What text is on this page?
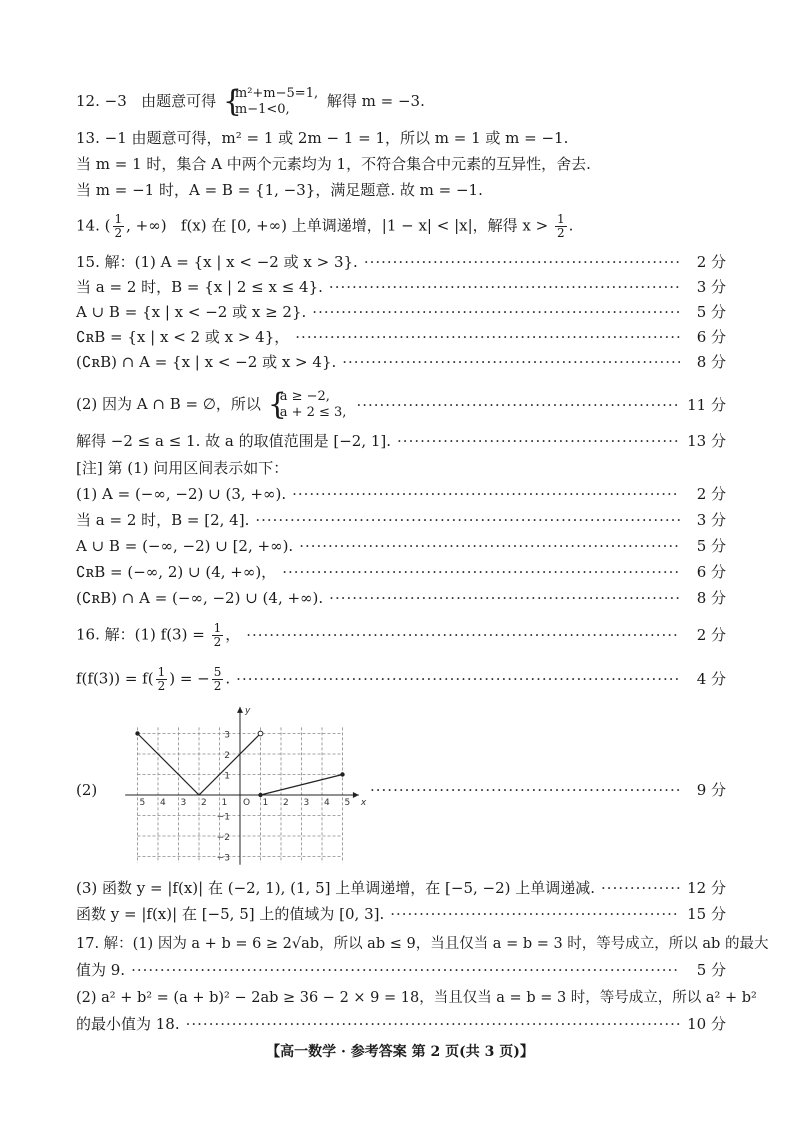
12. −3 由题意可得 { m²+m−5=1,
m−1<0,	解得 m = −3.
13. −1 由题意可得，m² = 1 或 2m − 1 = 1，所以 m = 1 或 m = −1.
当 m = 1 时，集合 A 中两个元素均为 1，不符合集合中元素的互异性，舍去.
当 m = −1 时，A = B = {1, −3}，满足题意. 故 m = −1.
14. ( $\frac{1}{2}$ , +∞) f(x) 在 [0, +∞) 上单调递增，|1 − x| < |x|，解得 $x > \frac{1}{2}$ .
15. 解：(1) A = {x | x < −2 或 x > 3}. ·····	2 分
当 a = 2 时，B = {x | 2 ≤ x ≤ 4}. ·····	3 分
A ∪ B = {x | x < −2 或 x ≥ 2}. ·····	5 分
∁ʀB = {x | x < 2 或 x > 4}， ·····	6 分
(∁ʀB) ∩ A = {x | x < −2 或 x > 4}. ·····	8 分
(2) 因为 A ∩ B = ∅，所以 { a ≥ −2,
a + 2 ≤ 3, ·····	11 分
解得 −2 ≤ a ≤ 1. 故 a 的取值范围是 [−2, 1]. ·····	13 分
[注] 第 (1) 问用区间表示如下：
(1) A = (−∞, −2) ∪ (3, +∞). ·····	2 分
当 a = 2 时，B = [2, 4]. ·····	3 分
A ∪ B = (−∞, −2) ∪ [2, +∞). ·····	5 分
∁ʀB = (−∞, 2) ∪ (4, +∞)， ·····	6 分
(∁ʀB) ∩ A = (−∞, −2) ∪ (4, +∞). ·····	8 分
16. 解：(1) $f(3) = \frac{1}{2}$ ， ·····	2 分
$f(f(3)) = f( \frac{1}{2}$ ) = − $\frac{5}{2}$ . ·····	4 分
(2)
5 4 3 2 1	1 2 3 4 5
3
2
1
−1
−2
−3
O	x
y
·····
9 分
(3) 函数 y = |f(x)| 在 (−2, 1), (1, 5] 上单调递增，在 [−5, −2) 上单调递减. ·····	12 分
函数 y = |f(x)| 在 [−5, 5] 上的值域为 [0, 3]. ·····	15 分
17. 解：(1) 因为 a + b = 6 ≥ 2√ab，所以 ab ≤ 9，当且仅当 a = b = 3 时，等号成立，所以 ab 的最大
值为 9. ·····	5 分
(2) a² + b² = (a + b)² − 2ab ≥ 36 − 2 × 9 = 18，当且仅当 a = b = 3 时，等号成立，所以 a² + b²
的最小值为 18. ·····	10 分
【高一数学 · 参考答案 第 2 页(共 3 页)】
